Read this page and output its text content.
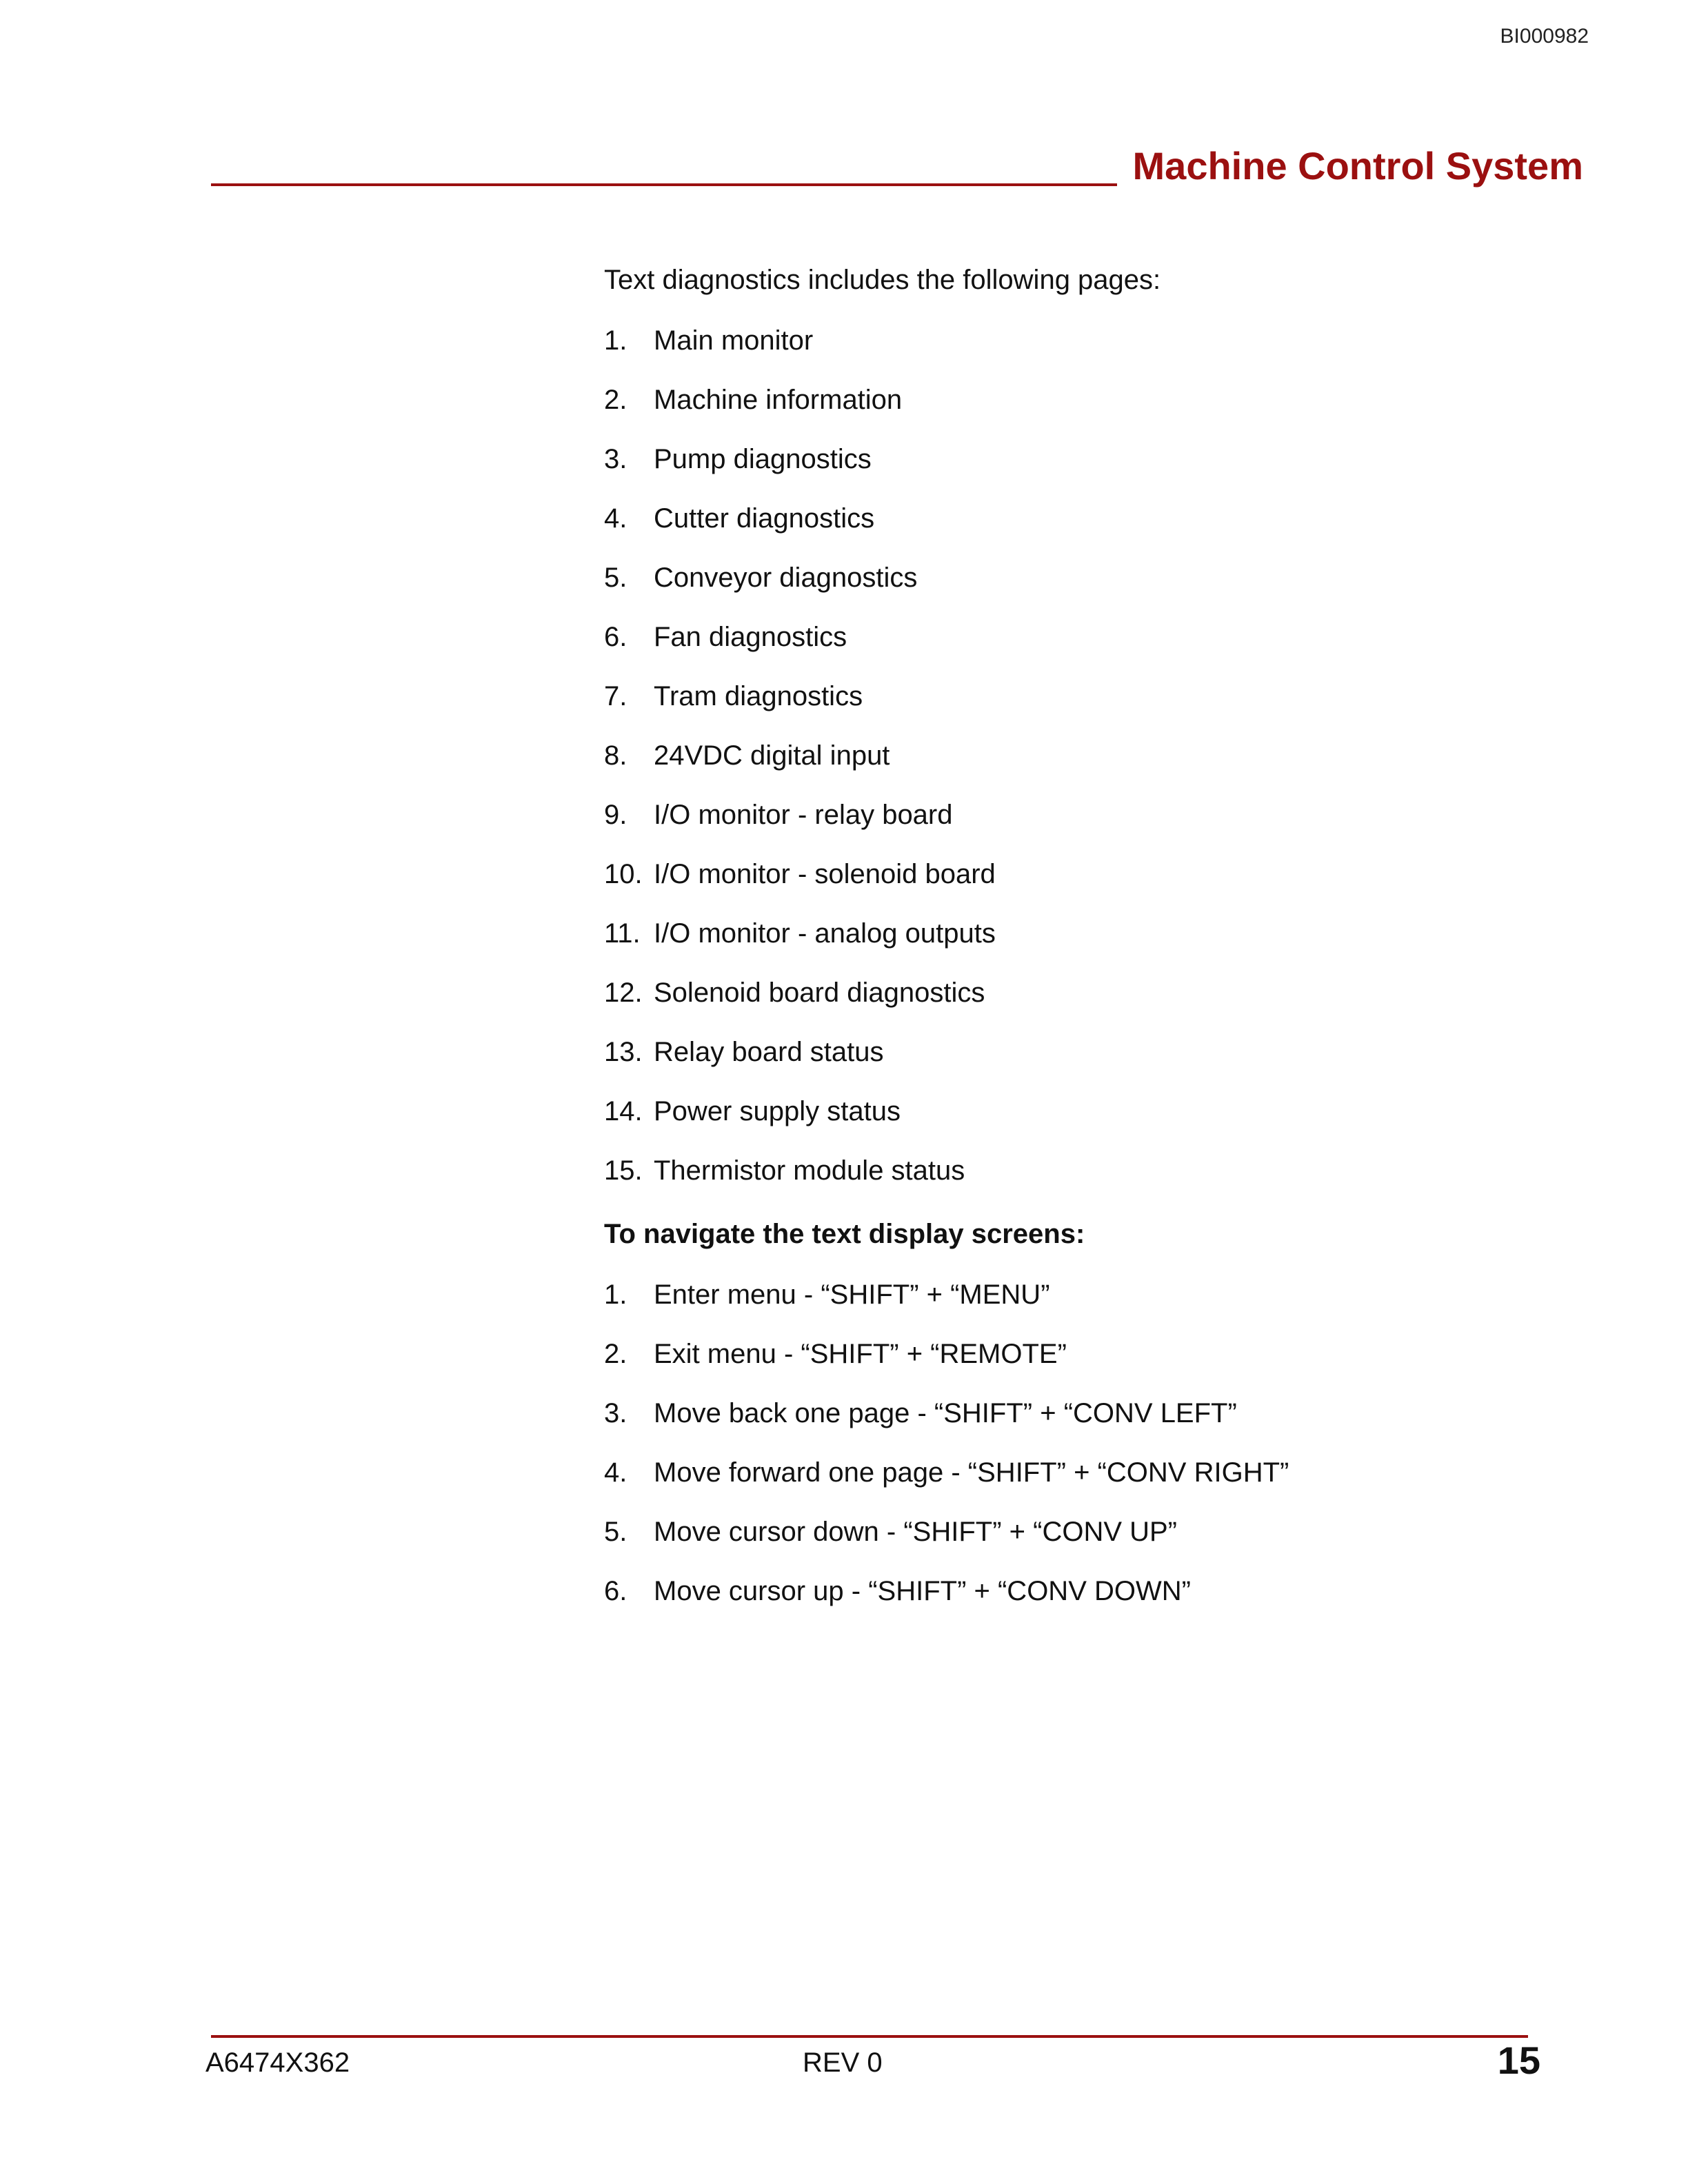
BI000982
Machine Control System

Text diagnostics includes the following pages:

1. Main monitor
2. Machine information
3. Pump diagnostics
4. Cutter diagnostics
5. Conveyor diagnostics
6. Fan diagnostics
7. Tram diagnostics
8. 24VDC digital input
9. I/O monitor - relay board
10. I/O monitor - solenoid board
11. I/O monitor - analog outputs
12. Solenoid board diagnostics
13. Relay board status
14. Power supply status
15. Thermistor module status

To navigate the text display screens:

1. Enter menu - “SHIFT” + “MENU”
2. Exit menu - “SHIFT” + “REMOTE”
3. Move back one page - “SHIFT” + “CONV LEFT”
4. Move forward one page - “SHIFT” + “CONV RIGHT”
5. Move cursor down - “SHIFT” + “CONV UP”
6. Move cursor up - “SHIFT” + “CONV DOWN”
A6474X362	REV 0	15
